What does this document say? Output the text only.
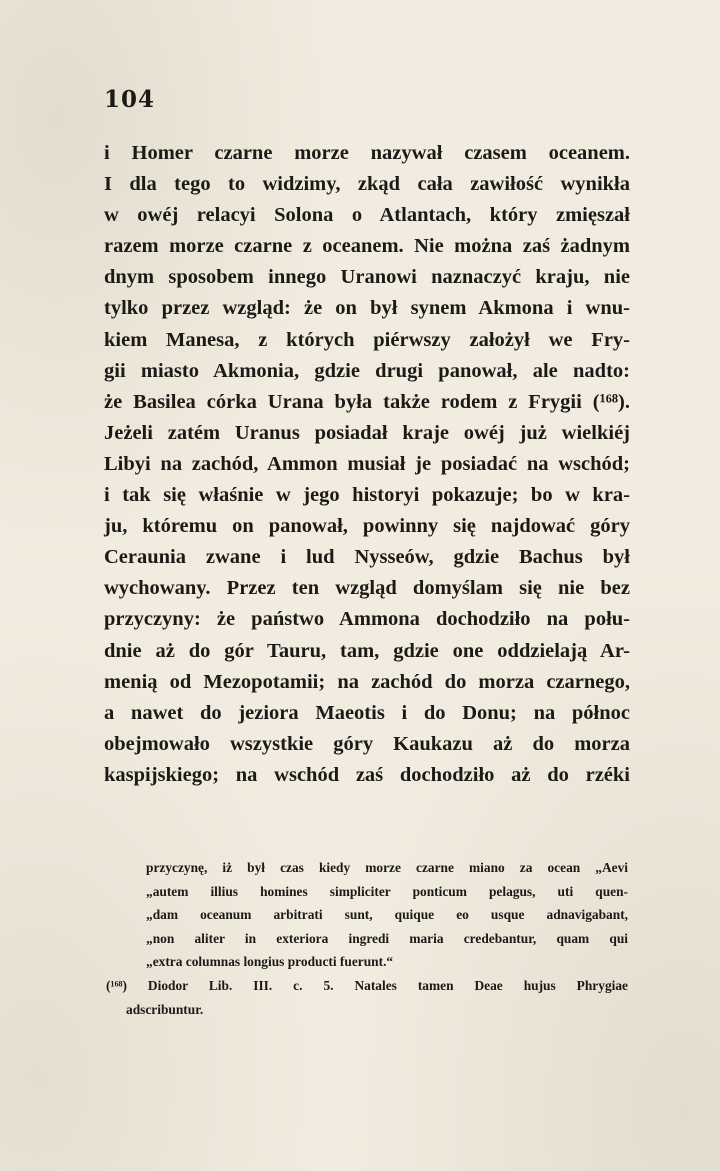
104
i Homer czarne morze nazywał czasem oceanem.
I dla tego to widzimy, zkąd cała zawiłość wynikła
w owéj relacyi Solona o Atlantach, który zmięszał
razem morze czarne z oceanem. Nie można zaś żadnym
dnym sposobem innego Uranowi naznaczyć kraju, nie
tylko przez wzgląd: że on był synem Akmona i wnu-
kiem Manesa, z których piérwszy założył we Fry-
gii miasto Akmonia, gdzie drugi panował, ale nadto:
że Basilea córka Urana była także rodem z Frygii (¹⁶⁸).
Jeżeli zatém Uranus posiadał kraje owéj już wielkiéj
Libyi na zachód, Ammon musiał je posiadać na wschód;
i tak się właśnie w jego historyi pokazuje; bo w kra-
ju, któremu on panował, powinny się najdować góry
Ceraunia zwane i lud Nysseów, gdzie Bachus był
wychowany. Przez ten wzgląd domyślam się nie bez
przyczyny: że państwo Ammona dochodziło na połu-
dnie aż do gór Tauru, tam, gdzie one oddzielają Ar-
menią od Mezopotamii; na zachód do morza czarnego,
a nawet do jeziora Maeotis i do Donu; na północ
obejmowało wszystkie góry Kaukazu aż do morza
kaspijskiego; na wschód zaś dochodziło aż do rzéki
przyczynę, iż był czas kiedy morze czarne miano za ocean „Aevi
„autem illius homines simpliciter ponticum pelagus, uti quen-
„dam oceanum arbitrati sunt, quique eo usque adnavigabant,
„non aliter in exteriora ingredi maria credebantur, quam qui
„extra columnas longius producti fuerunt.“
(¹⁶⁸) Diodor Lib. III. c. 5. Natales tamen Deae hujus Phrygiae
adscribuntur.
